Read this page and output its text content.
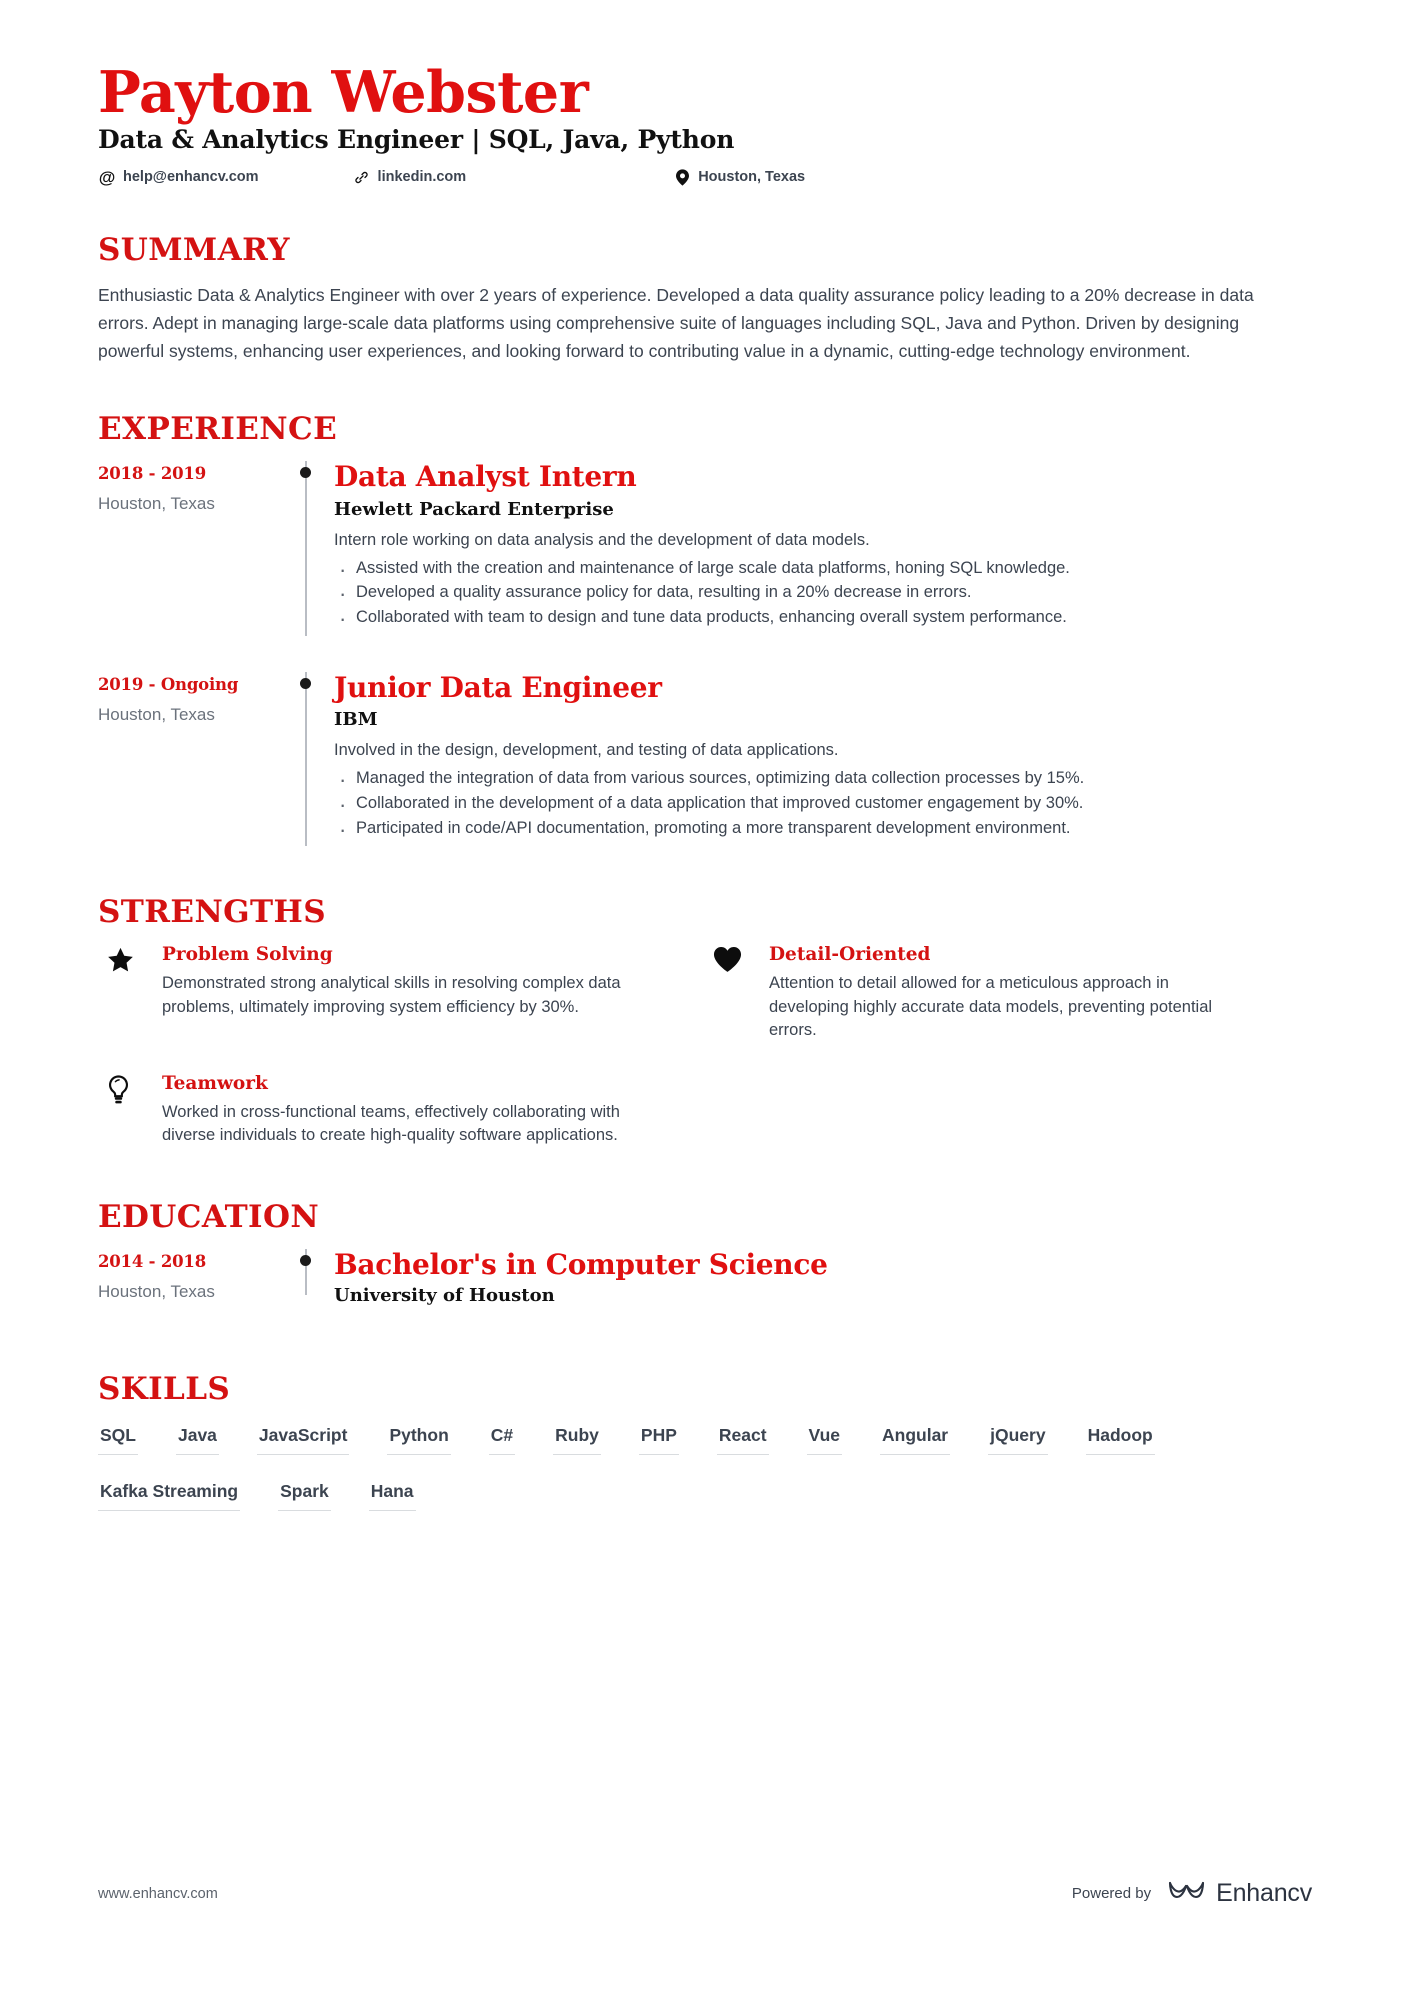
Payton Webster
Data & Analytics Engineer | SQL, Java, Python
@ help@enhancv.com	linkedin.com	Houston, Texas
SUMMARY
Enthusiastic Data & Analytics Engineer with over 2 years of experience. Developed a data quality assurance policy leading to a 20% decrease in data errors. Adept in managing large-scale data platforms using comprehensive suite of languages including SQL, Java and Python. Driven by designing powerful systems, enhancing user experiences, and looking forward to contributing value in a dynamic, cutting-edge technology environment.
EXPERIENCE
2018 - 2019
Houston, Texas
Data Analyst Intern
Hewlett Packard Enterprise
Intern role working on data analysis and the development of data models.
· Assisted with the creation and maintenance of large scale data platforms, honing SQL knowledge.
· Developed a quality assurance policy for data, resulting in a 20% decrease in errors.
· Collaborated with team to design and tune data products, enhancing overall system performance.
2019 - Ongoing
Houston, Texas
Junior Data Engineer
IBM
Involved in the design, development, and testing of data applications.
· Managed the integration of data from various sources, optimizing data collection processes by 15%.
· Collaborated in the development of a data application that improved customer engagement by 30%.
· Participated in code/API documentation, promoting a more transparent development environment.
STRENGTHS
Problem Solving
Demonstrated strong analytical skills in resolving complex data problems, ultimately improving system efficiency by 30%.
Detail-Oriented
Attention to detail allowed for a meticulous approach in developing highly accurate data models, preventing potential errors.
Teamwork
Worked in cross-functional teams, effectively collaborating with diverse individuals to create high-quality software applications.
EDUCATION
2014 - 2018
Houston, Texas
Bachelor's in Computer Science
University of Houston
SKILLS
SQL Java JavaScript Python C# Ruby PHP React Vue Angular jQuery Hadoop
Kafka Streaming Spark Hana
www.enhancv.com	Powered by	Enhancv
